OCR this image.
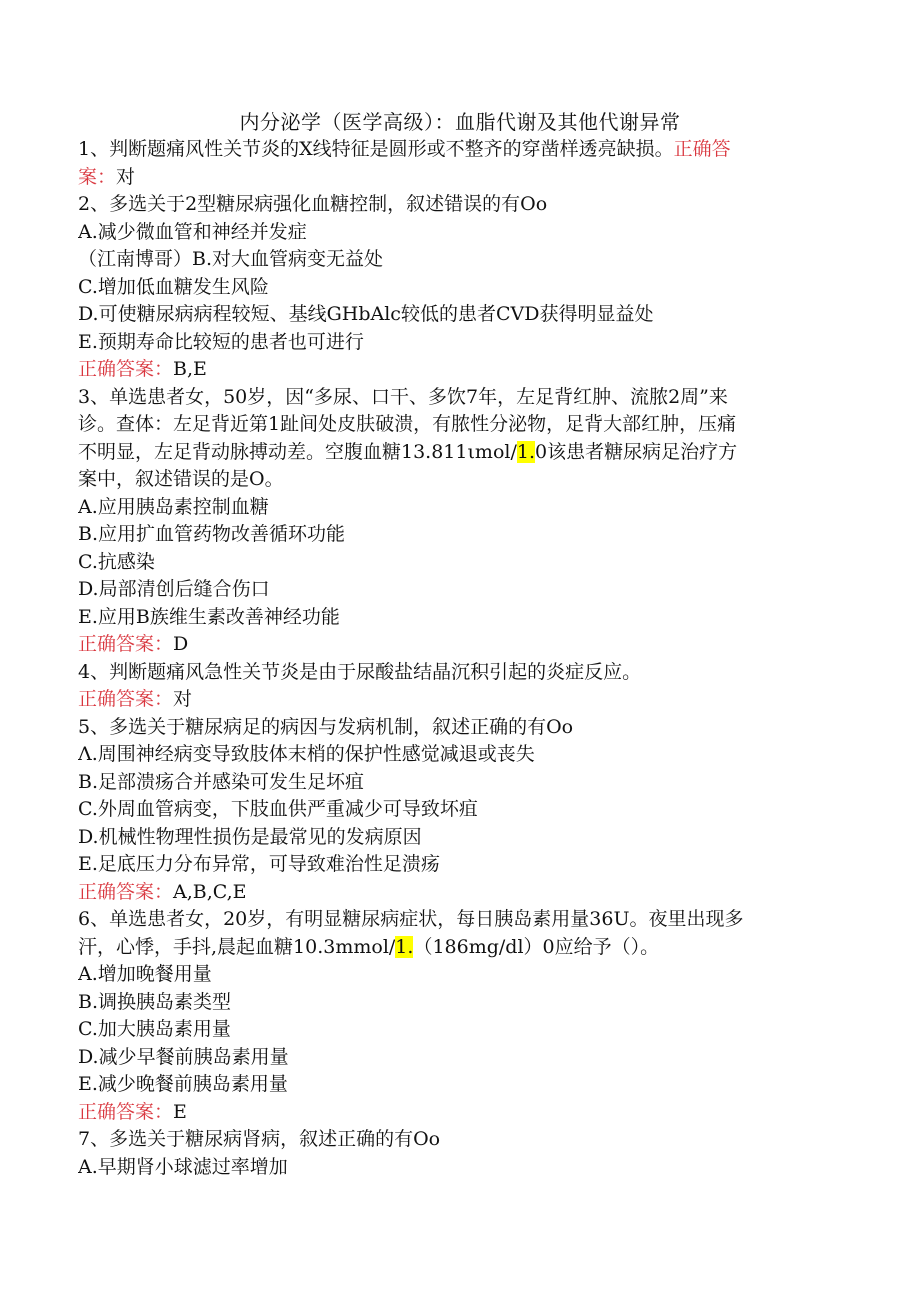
内分泌学（医学高级）：血脂代谢及其他代谢异常
1、判断题痛风性关节炎的X线特征是圆形或不整齐的穿凿样透亮缺损。正确答
案：对
2、多选关于2型糖尿病强化血糖控制，叙述错误的有Oo
A.减少微血管和神经并发症
（江南博哥）B.对大血管病变无益处
C.增加低血糖发生风险
D.可使糖尿病病程较短、基线GHbAlc较低的患者CVD获得明显益处
E.预期寿命比较短的患者也可进行
正确答案：B,E
3、单选患者女，50岁，因“多尿、口干、多饮7年，左足背红肿、流脓2周”来
诊。查体：左足背近第1趾间处皮肤破溃，有脓性分泌物，足背大部红肿，压痛
不明显，左足背动脉搏动差。空腹血糖13.811ιmol/1.0该患者糖尿病足治疗方
案中，叙述错误的是O。
A.应用胰岛素控制血糖
B.应用扩血管药物改善循环功能
C.抗感染
D.局部清创后缝合伤口
E.应用B族维生素改善神经功能
正确答案：D
4、判断题痛风急性关节炎是由于尿酸盐结晶沉积引起的炎症反应。
正确答案：对
5、多选关于糖尿病足的病因与发病机制，叙述正确的有Oo
Λ.周围神经病变导致肢体末梢的保护性感觉减退或丧失
B.足部溃疡合并感染可发生足坏疽
C.外周血管病变，下肢血供严重减少可导致坏疽
D.机械性物理性损伤是最常见的发病原因
E.足底压力分布异常，可导致难治性足溃疡
正确答案：A,B,C,E
6、单选患者女，20岁，有明显糖尿病症状，每日胰岛素用量36U。夜里出现多
汗，心悸，手抖,晨起血糖10.3mmol/1.（186mg/dl）0应给予（）。
A.增加晚餐用量
B.调换胰岛素类型
C.加大胰岛素用量
D.减少早餐前胰岛素用量
E.减少晚餐前胰岛素用量
正确答案：E
7、多选关于糖尿病肾病，叙述正确的有Oo
A.早期肾小球滤过率增加
